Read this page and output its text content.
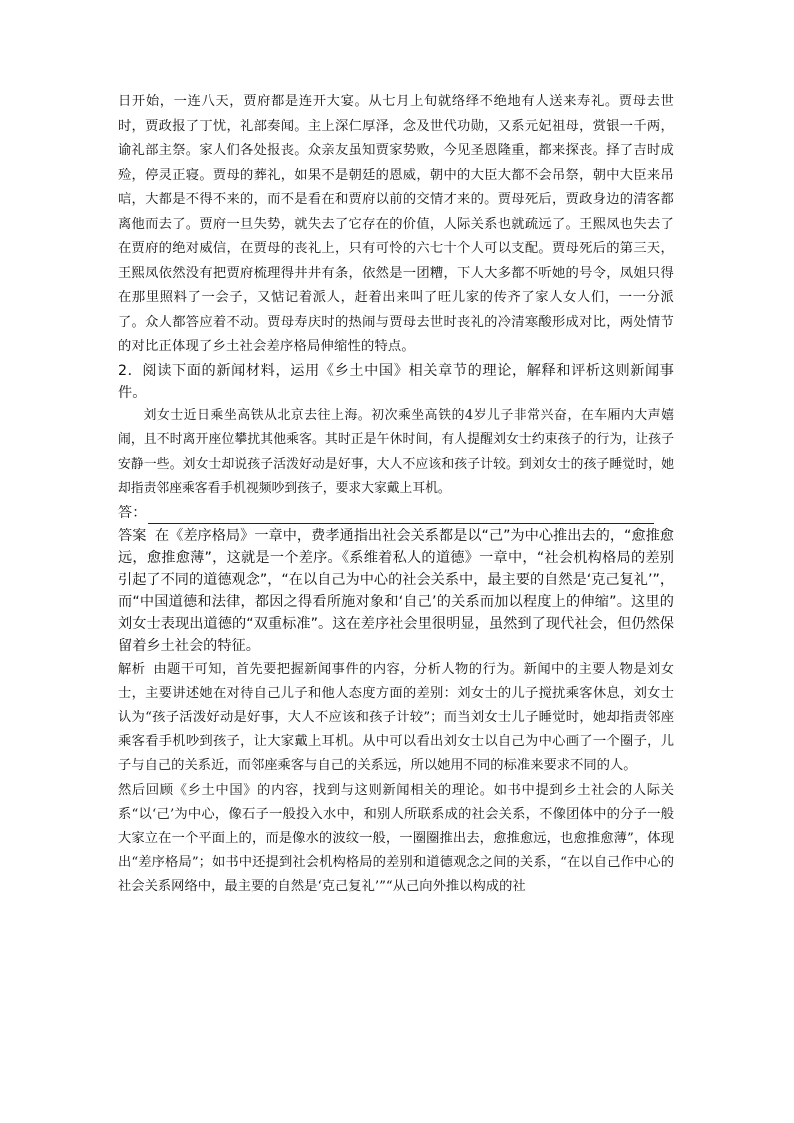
日开始，一连八天，贾府都是连开大宴。从七月上旬就络绎不绝地有人送来寿礼。贾母去世时，贾政报了丁忧，礼部奏闻。主上深仁厚泽，念及世代功勋，又系元妃祖母，赏银一千两，谕礼部主祭。家人们各处报丧。众亲友虽知贾家势败，今见圣恩隆重，都来探丧。择了吉时成殓，停灵正寝。贾母的葬礼，如果不是朝廷的恩威，朝中的大臣大都不会吊祭，朝中大臣来吊唁，大都是不得不来的，而不是看在和贾府以前的交情才来的。贾母死后，贾政身边的清客都离他而去了。贾府一旦失势，就失去了它存在的价值，人际关系也就疏远了。王熙凤也失去了在贾府的绝对威信，在贾母的丧礼上，只有可怜的六七十个人可以支配。贾母死后的第三天，王熙凤依然没有把贾府梳理得井井有条，依然是一团糟，下人大多都不听她的号令，凤姐只得在那里照料了一会子，又惦记着派人，赶着出来叫了旺儿家的传齐了家人女人们，一一分派了。众人都答应着不动。贾母寿庆时的热闹与贾母去世时丧礼的冷清寒酸形成对比，两处情节的对比正体现了乡土社会差序格局伸缩性的特点。

2．阅读下面的新闻材料，运用《乡土中国》相关章节的理论，解释和评析这则新闻事件。

刘女士近日乘坐高铁从北京去往上海。初次乘坐高铁的4岁儿子非常兴奋，在车厢内大声嬉闹，且不时离开座位攀扰其他乘客。其时正是午休时间，有人提醒刘女士约束孩子的行为，让孩子安静一些。刘女士却说孩子活泼好动是好事，大人不应该和孩子计较。到刘女士的孩子睡觉时，她却指责邻座乘客看手机视频吵到孩子，要求大家戴上耳机。

答：

答案 在《差序格局》一章中，费孝通指出社会关系都是以“己”为中心推出去的，“愈推愈远，愈推愈薄”，这就是一个差序。《系维着私人的道德》一章中，“社会机构格局的差别引起了不同的道德观念”，“在以自己为中心的社会关系中，最主要的自然是‘克己复礼’”，而“中国道德和法律，都因之得看所施对象和‘自己’的关系而加以程度上的伸缩”。这里的刘女士表现出道德的“双重标准”。这在差序社会里很明显，虽然到了现代社会，但仍然保留着乡土社会的特征。

解析 由题干可知，首先要把握新闻事件的内容，分析人物的行为。新闻中的主要人物是刘女士，主要讲述她在对待自己儿子和他人态度方面的差别：刘女士的儿子搅扰乘客休息，刘女士认为“孩子活泼好动是好事，大人不应该和孩子计较”；而当刘女士儿子睡觉时，她却指责邻座乘客看手机吵到孩子，让大家戴上耳机。从中可以看出刘女士以自己为中心画了一个圈子，儿子与自己的关系近，而邻座乘客与自己的关系远，所以她用不同的标准来要求不同的人。

然后回顾《乡土中国》的内容，找到与这则新闻相关的理论。如书中提到乡土社会的人际关系“以‘己’为中心，像石子一般投入水中，和别人所联系成的社会关系，不像团体中的分子一般大家立在一个平面上的，而是像水的波纹一般，一圈圈推出去，愈推愈远，也愈推愈薄”，体现出“差序格局”；如书中还提到社会机构格局的差别和道德观念之间的关系，“在以自己作中心的社会关系网络中，最主要的自然是‘克己复礼’”“从己向外推以构成的社
